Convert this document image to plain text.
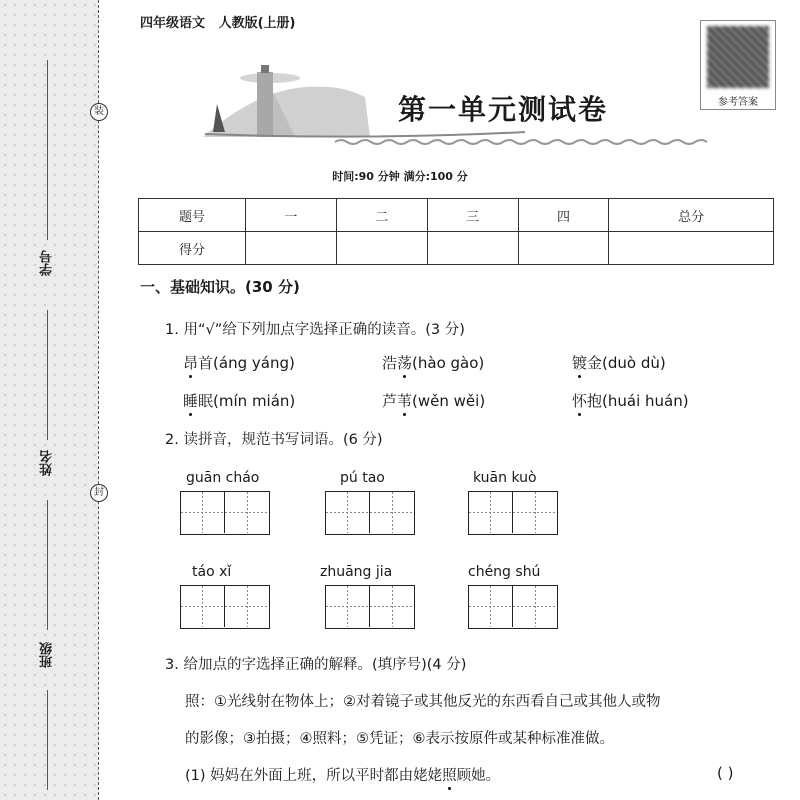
装
封
学号
姓名
班级
四年级语文 人教版(上册)
第一单元测试卷	参考答案
时间:90 分钟 满分:100 分
题号	一	二	三	四	总分
得分					
一、基础知识。(30 分)
1. 用“√”给下列加点字选择正确的读音。(3 分)
昂首(áng yáng)	浩荡(hào gào)	镀金(duò dù)
睡眠(mín mián)	芦苇(wěn wěi)	怀抱(huái huán)
2. 读拼音，规范书写词语。(6 分)
guān cháo	pú tao	kuān kuò
táo xǐ	zhuāng jia	chéng shú
3. 给加点的字选择正确的解释。(填序号)(4 分)
照：①光线射在物体上；②对着镜子或其他反光的东西看自己或其他人或物
的影像；③拍摄；④照料；⑤凭证；⑥表示按原件或某种标准准做。
(1) 妈妈在外面上班，所以平时都由姥姥照顾她。	( )
